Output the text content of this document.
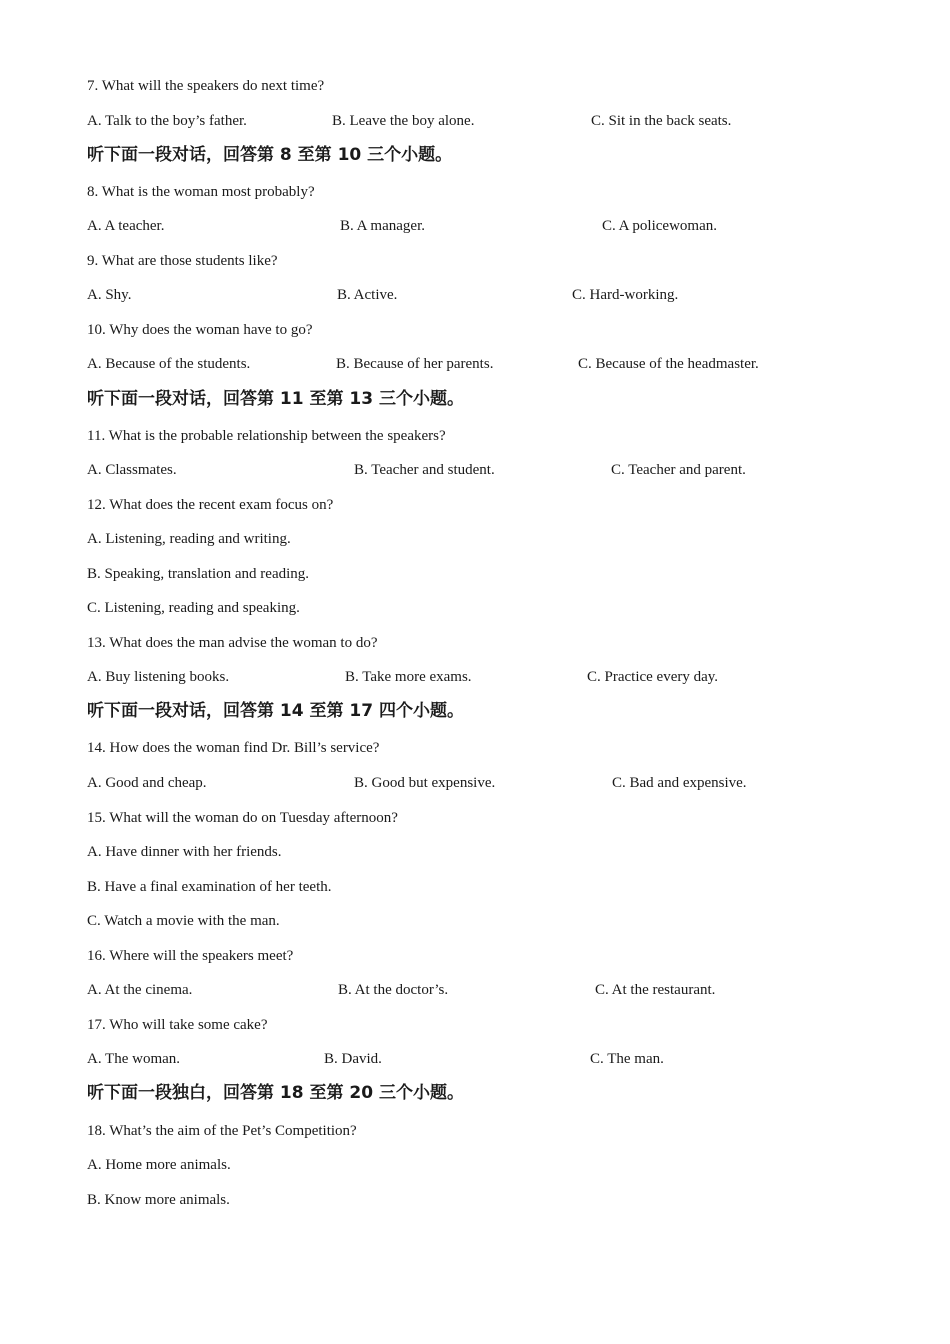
7. What will the speakers do next time?
A. Talk to the boy’s father.	B. Leave the boy alone.	C. Sit in the back seats.
听下面一段对话，回答第 8 至第 10 三个小题。
8. What is the woman most probably?
A. A teacher.	B. A manager.	C. A policewoman.
9. What are those students like?
A. Shy.	B. Active.	C. Hard-working.
10. Why does the woman have to go?
A. Because of the students.	B. Because of her parents.	C. Because of the headmaster.
听下面一段对话，回答第 11 至第 13 三个小题。
11. What is the probable relationship between the speakers?
A. Classmates.	B. Teacher and student.	C. Teacher and parent.
12. What does the recent exam focus on?
A. Listening, reading and writing.
B. Speaking, translation and reading.
C. Listening, reading and speaking.
13. What does the man advise the woman to do?
A. Buy listening books.	B. Take more exams.	C. Practice every day.
听下面一段对话，回答第 14 至第 17 四个小题。
14. How does the woman find Dr. Bill’s service?
A. Good and cheap.	B. Good but expensive.	C. Bad and expensive.
15. What will the woman do on Tuesday afternoon?
A. Have dinner with her friends.
B. Have a final examination of her teeth.
C. Watch a movie with the man.
16. Where will the speakers meet?
A. At the cinema.	B. At the doctor’s.	C. At the restaurant.
17. Who will take some cake?
A. The woman.	B. David.	C. The man.
听下面一段独白，回答第 18 至第 20 三个小题。
18. What’s the aim of the Pet’s Competition?
A. Home more animals.
B. Know more animals.
